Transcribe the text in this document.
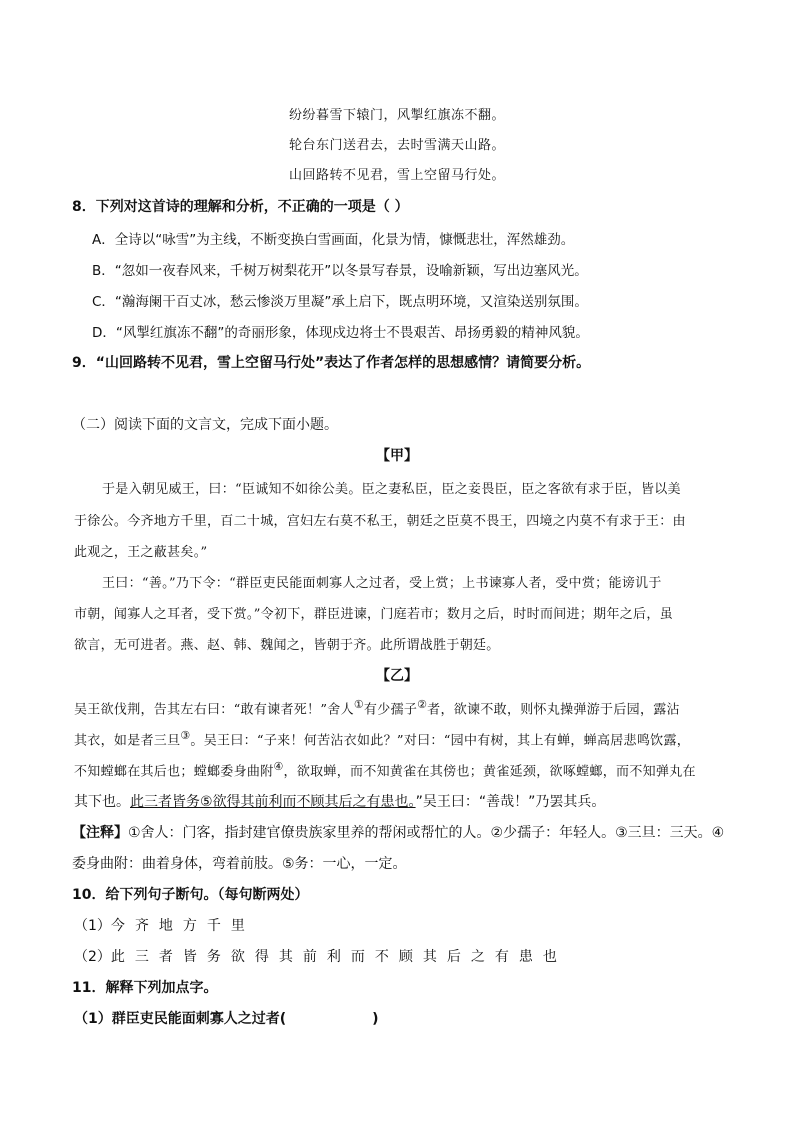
纷纷暮雪下辕门，风掣红旗冻不翻。
轮台东门送君去，去时雪满天山路。
山回路转不见君，雪上空留马行处。
8．下列对这首诗的理解和分析，不正确的一项是（ ）
A．全诗以“咏雪”为主线，不断变换白雪画面，化景为情，慷慨悲壮，浑然雄劲。
B．“忽如一夜春风来，千树万树梨花开”以冬景写春景，设喻新颖，写出边塞风光。
C．“瀚海阑干百丈冰，愁云惨淡万里凝”承上启下，既点明环境，又渲染送别氛围。
D．“风掣红旗冻不翻”的奇丽形象，体现戍边将士不畏艰苦、昂扬勇毅的精神风貌。
9．“山回路转不见君，雪上空留马行处”表达了作者怎样的思想感情？请简要分析。
（二）阅读下面的文言文，完成下面小题。
【甲】
于是入朝见威王，曰：“臣诚知不如徐公美。臣之妻私臣，臣之妾畏臣，臣之客欲有求于臣，皆以美
于徐公。今齐地方千里，百二十城，宫妇左右莫不私王，朝廷之臣莫不畏王，四境之内莫不有求于王：由
此观之，王之蔽甚矣。”
王曰：“善。”乃下令：“群臣吏民能面刺寡人之过者，受上赏；上书谏寡人者，受中赏；能谤讥于
市朝，闻寡人之耳者，受下赏。”令初下，群臣进谏，门庭若市；数月之后，时时而间进；期年之后，虽
欲言，无可进者。燕、赵、韩、魏闻之，皆朝于齐。此所谓战胜于朝廷。
【乙】
吴王欲伐荆，告其左右曰：“敢有谏者死！”舍人①有少孺子②者，欲谏不敢，则怀丸操弹游于后园，露沾
其衣，如是者三旦③。吴王曰：“子来！何苦沾衣如此？”对曰：“园中有树，其上有蝉，蝉高居悲鸣饮露，
不知螳螂在其后也；螳螂委身曲附④，欲取蝉，而不知黄雀在其傍也；黄雀延颈，欲啄螳螂，而不知弹丸在
其下也。此三者皆务⑤欲得其前利而不顾其后之有患也。”吴王曰：“善哉！”乃罢其兵。
【注释】①舍人：门客，指封建官僚贵族家里养的帮闲或帮忙的人。②少孺子：年轻人。③三旦：三天。④
委身曲附：曲着身体，弯着前肢。⑤务：一心，一定。
10．给下列句子断句。（每句断两处）
（1）今齐地方千里
（2）此三者皆务欲得其前利而不顾其后之有患也
11．解释下列加点字。
（1）群臣吏民能面刺寡人之过者(	)
